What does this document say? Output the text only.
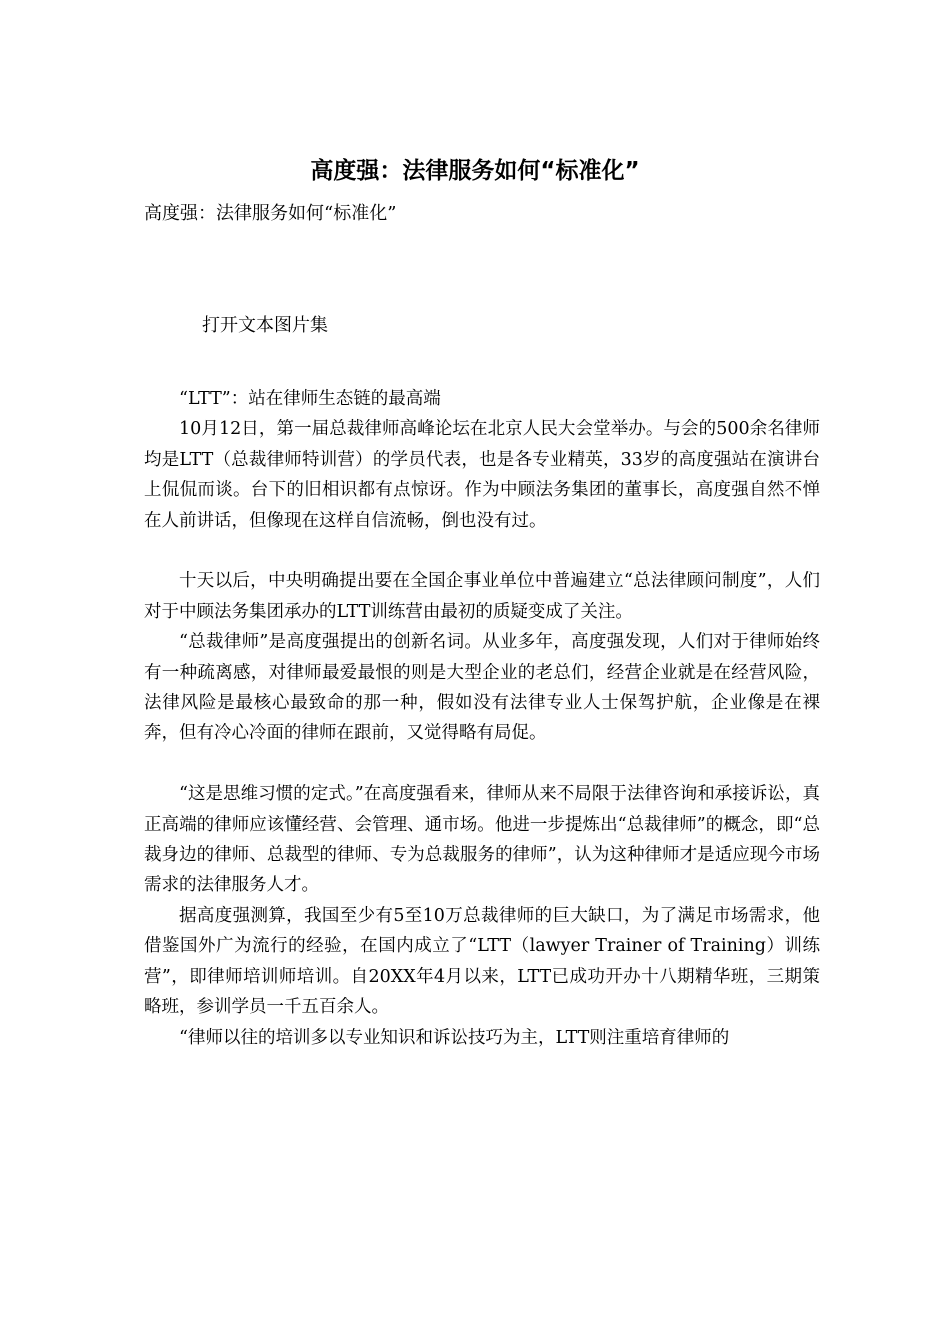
高度强：法律服务如何“标准化”
高度强：法律服务如何“标准化”
打开文本图片集

“LTT”：站在律师生态链的最高端

10月12日，第一届总裁律师高峰论坛在北京人民大会堂举办。与会的500余名律师均是LTT（总裁律师特训营）的学员代表，也是各专业精英，33岁的高度强站在演讲台上侃侃而谈。台下的旧相识都有点惊讶。作为中顾法务集团的董事长，高度强自然不惮在人前讲话，但像现在这样自信流畅，倒也没有过。

十天以后，中央明确提出要在全国企事业单位中普遍建立“总法律顾问制度”，人们对于中顾法务集团承办的LTT训练营由最初的质疑变成了关注。

“总裁律师”是高度强提出的创新名词。从业多年，高度强发现，人们对于律师始终有一种疏离感，对律师最爱最恨的则是大型企业的老总们，经营企业就是在经营风险，法律风险是最核心最致命的那一种，假如没有法律专业人士保驾护航，企业像是在裸奔，但有冷心冷面的律师在跟前，又觉得略有局促。

“这是思维习惯的定式。”在高度强看来，律师从来不局限于法律咨询和承接诉讼，真正高端的律师应该懂经营、会管理、通市场。他进一步提炼出“总裁律师”的概念，即“总裁身边的律师、总裁型的律师、专为总裁服务的律师”，认为这种律师才是适应现今市场需求的法律服务人才。

据高度强测算，我国至少有5至10万总裁律师的巨大缺口，为了满足市场需求，他借鉴国外广为流行的经验，在国内成立了“LTT（lawyer Trainer of Training）训练营”，即律师培训师培训。自20XX年4月以来，LTT已成功开办十八期精华班，三期策略班，参训学员一千五百余人。

“律师以往的培训多以专业知识和诉讼技巧为主，LTT则注重培育律师的
